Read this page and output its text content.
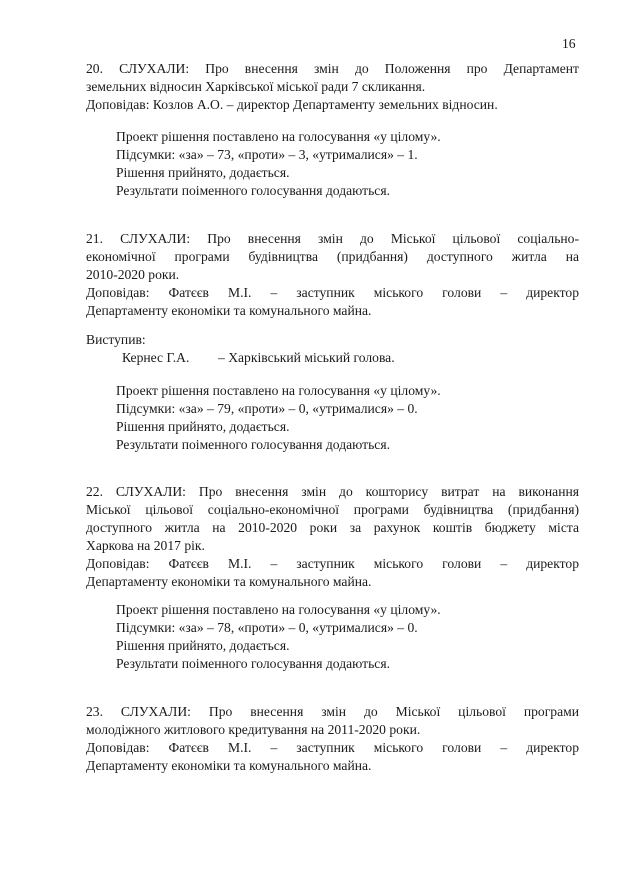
16
20. СЛУХАЛИ: Про внесення змін до Положення про Департамент
земельних відносин Харківської міської ради 7 скликання.
Доповідав: Козлов А.О. – директор Департаменту земельних відносин.
Проект рішення поставлено на голосування «у цілому».
Підсумки: «за» – 73, «проти» – 3, «утрималися» – 1.
Рішення прийнято, додається.
Результати поіменного голосування додаються.
21. СЛУХАЛИ: Про внесення змін до Міської цільової соціально-
економічної програми будівництва (придбання) доступного житла на
2010-2020 роки.
Доповідав: Фатєєв М.І. – заступник міського голови – директор
Департаменту економіки та комунального майна.
Виступив:
Кернес Г.А. – Харківський міський голова.
Проект рішення поставлено на голосування «у цілому».
Підсумки: «за» – 79, «проти» – 0, «утрималися» – 0.
Рішення прийнято, додається.
Результати поіменного голосування додаються.
22. СЛУХАЛИ: Про внесення змін до кошторису витрат на виконання
Міської цільової соціально-економічної програми будівництва (придбання)
доступного житла на 2010-2020 роки за рахунок коштів бюджету міста
Харкова на 2017 рік.
Доповідав: Фатєєв М.І. – заступник міського голови – директор
Департаменту економіки та комунального майна.
Проект рішення поставлено на голосування «у цілому».
Підсумки: «за» – 78, «проти» – 0, «утрималися» – 0.
Рішення прийнято, додається.
Результати поіменного голосування додаються.
23. СЛУХАЛИ: Про внесення змін до Міської цільової програми
молодіжного житлового кредитування на 2011-2020 роки.
Доповідав: Фатєєв М.І. – заступник міського голови – директор
Департаменту економіки та комунального майна.
